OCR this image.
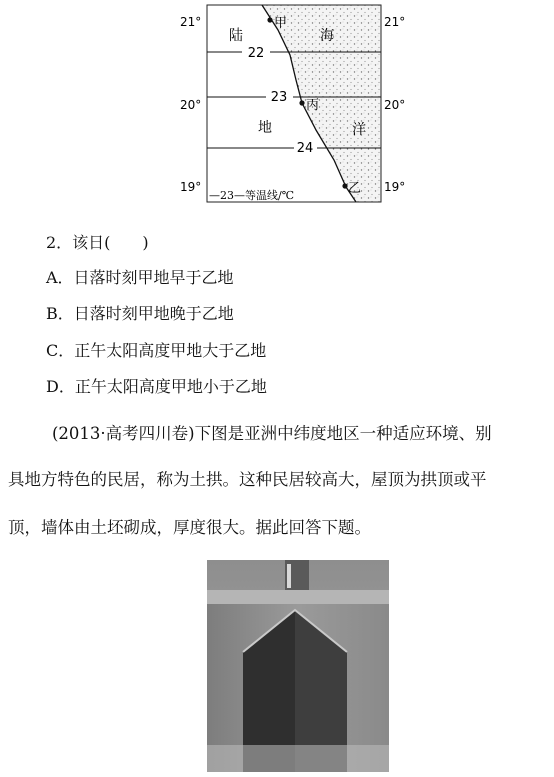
22
23
24
21°
20°
19°
21°
20°
19°
陆
地
海
洋
甲
丙
乙
—23—等温线/℃
2．该日(　　)
A．日落时刻甲地早于乙地
B．日落时刻甲地晚于乙地
C．正午太阳高度甲地大于乙地
D．正午太阳高度甲地小于乙地
(2013·高考四川卷)下图是亚洲中纬度地区一种适应环境、别
具地方特色的民居，称为土拱。这种民居较高大，屋顶为拱顶或平
顶，墙体由土坯砌成，厚度很大。据此回答下题。
